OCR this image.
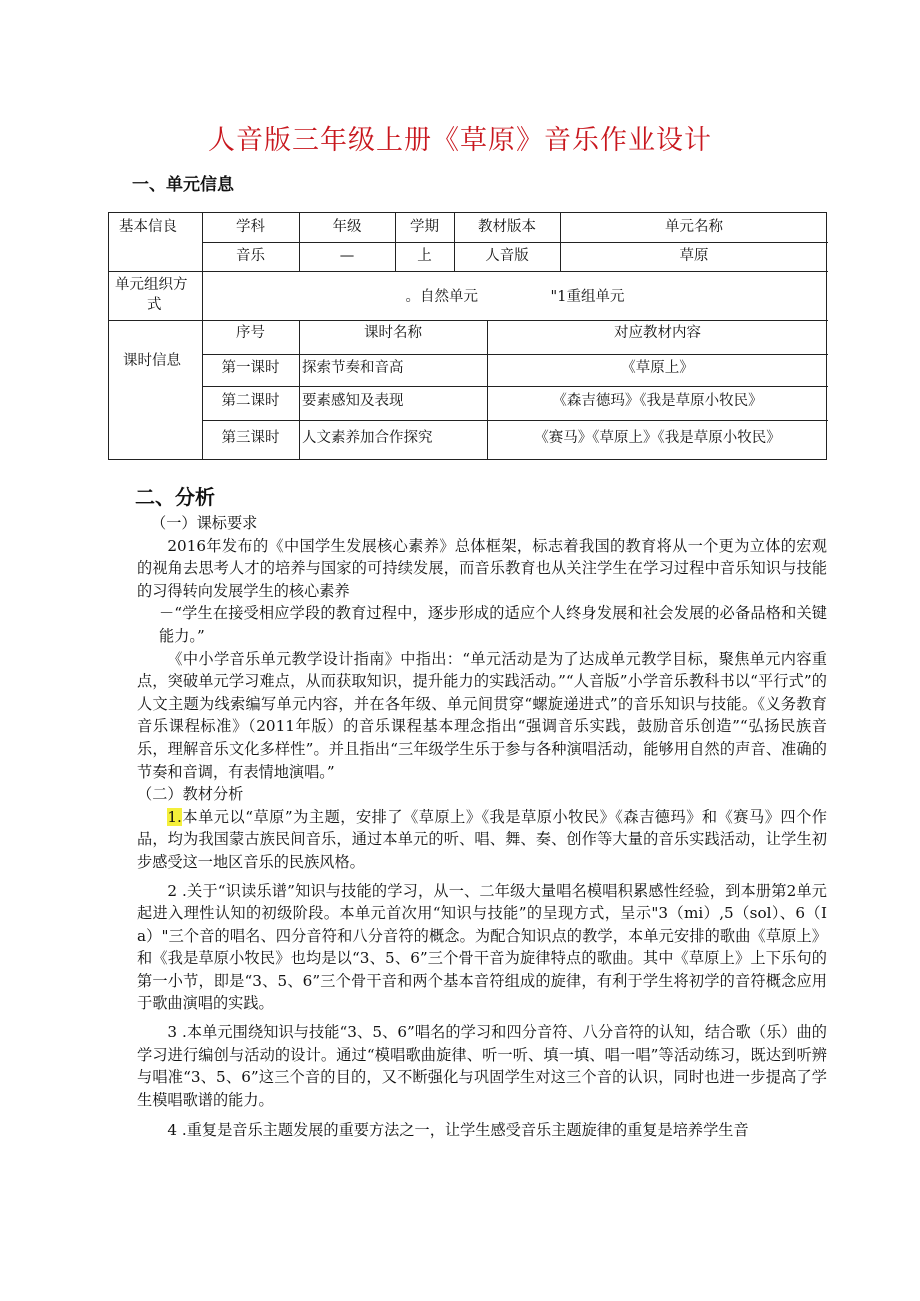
人音版三年级上册《草原》音乐作业设计
一、单元信息
基本信良	学科	年级	学期	教材版本	单元名称
音乐	—	上	人音版	草原
单元组织方
式	。自然单元　　　　　"1重组单元
课时信息
序号	课时名称	对应教材内容
第一课时	探索节奏和音高	《草原上》
第二课时	要素感知及表现	《森吉德玛》《我是草原小牧民》
第三课时	人文素养加合作探究	《赛马》《草原上》《我是草原小牧民》
二、分析

（一）课标要求

2016年发布的《中国学生发展核心素养》总体框架，标志着我国的教育将从一个更为立体的宏观的视角去思考人才的培养与国家的可持续发展，而音乐教育也从关注学生在学习过程中音乐知识与技能的习得转向发展学生的核心素养

－“学生在接受相应学段的教育过程中，逐步形成的适应个人终身发展和社会发展的必备品格和关键能力。”

《中小学音乐单元教学设计指南》中指出：“单元活动是为了达成单元教学目标，聚焦单元内容重点，突破单元学习难点，从而获取知识，提升能力的实践活动。”“人音版”小学音乐教科书以“平行式”的人文主题为线索编写单元内容，并在各年级、单元间贯穿“螺旋递进式”的音乐知识与技能。《义务教育音乐课程标准》（2011年版）的音乐课程基本理念指出“强调音乐实践，鼓励音乐创造”“弘扬民族音乐，理解音乐文化多样性”。并且指出“三年级学生乐于参与各种演唱活动，能够用自然的声音、准确的节奏和音调，有表情地演唱。”

（二）教材分析

1.本单元以“草原”为主题，安排了《草原上》《我是草原小牧民》《森吉德玛》和《赛马》四个作品，均为我国蒙古族民间音乐，通过本单元的听、唱、舞、奏、创作等大量的音乐实践活动，让学生初步感受这一地区音乐的民族风格。

2 .关于“识读乐谱”知识与技能的学习，从一、二年级大量唱名模唱积累感性经验，到本册第2单元起进入理性认知的初级阶段。本单元首次用“知识与技能”的呈现方式，呈示"3（mi）,5（sol）、6（Ia）"三个音的唱名、四分音符和八分音符的概念。为配合知识点的教学，本单元安排的歌曲《草原上》和《我是草原小牧民》也均是以“3、5、6”三个骨干音为旋律特点的歌曲。其中《草原上》上下乐句的第一小节，即是“3、5、6”三个骨干音和两个基本音符组成的旋律，有利于学生将初学的音符概念应用于歌曲演唱的实践。

3 .本单元围绕知识与技能“3、5、6”唱名的学习和四分音符、八分音符的认知，结合歌（乐）曲的学习进行编创与活动的设计。通过“模唱歌曲旋律、听一听、填一填、唱一唱”等活动练习，既达到听辨与唱准“3、5、6”这三个音的目的，又不断强化与巩固学生对这三个音的认识，同时也进一步提高了学生模唱歌谱的能力。

4 .重复是音乐主题发展的重要方法之一，让学生感受音乐主题旋律的重复是培养学生音
